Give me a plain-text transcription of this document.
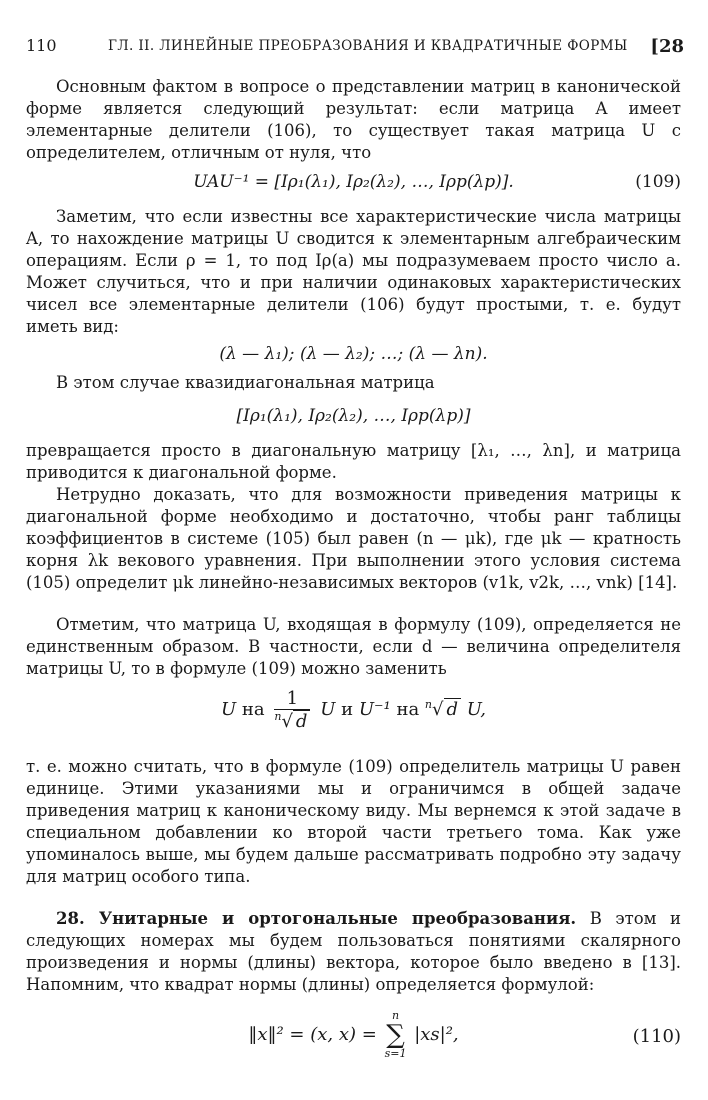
110	ГЛ. II. ЛИНЕЙНЫЕ ПРЕОБРАЗОВАНИЯ И КВАДРАТИЧНЫЕ ФОРМЫ [28

Основным фактом в вопросе о представлении матриц в канонической форме является следующий результат: если матрица A имеет элементарные делители (106), то существует такая матрица U с определителем, отличным от нуля, что

UAU⁻¹ = [Iρ₁(λ₁), Iρ₂(λ₂), …, Iρp(λp)].	(109)

Заметим, что если известны все характеристические числа матрицы A, то нахождение матрицы U сводится к элементарным алгебраическим операциям. Если ρ = 1, то под Iρ(a) мы подразумеваем просто число a. Может случиться, что и при наличии одинаковых характеристических чисел все элементарные делители (106) будут простыми, т. е. будут иметь вид:

(λ — λ₁); (λ — λ₂); …; (λ — λn).

В этом случае квазидиагональная матрица

[Iρ₁(λ₁), Iρ₂(λ₂), …, Iρp(λp)]

превращается просто в диагональную матрицу [λ₁, …, λn], и матрица приводится к диагональной форме.

Нетрудно доказать, что для возможности приведения матрицы к диагональной форме необходимо и достаточно, чтобы ранг таблицы коэффициентов в системе (105) был равен (n — μk), где μk — кратность корня λk векового уравнения. При выполнении этого условия система (105) определит μk линейно-независимых векторов (v1k, v2k, …, vnk) [14].

Отметим, что матрица U, входящая в формулу (109), определяется не единственным образом. В частности, если d — величина определителя матрицы U, то в формуле (109) можно заменить

U на $\frac{1}{^n√ d}$ U и U⁻¹ на $^n$√ d U,

т. е. можно считать, что в формуле (109) определитель матрицы U равен единице. Этими указаниями мы и ограничимся в общей задаче приведения матриц к каноническому виду. Мы вернемся к этой задаче в специальном добавлении ко второй части третьего тома. Как уже упоминалось выше, мы будем дальше рассматривать подробно эту задачу для матриц особого типа.

28. Унитарные и ортогональные преобразования. В этом и следующих номерах мы будем пользоваться понятиями скалярного произведения и нормы (длины) вектора, которое было введено в [13]. Напомним, что квадрат нормы (длины) определяется формулой:

‖x‖² = (x, x) = n
∑
s=1 |xs|²,	(110)
